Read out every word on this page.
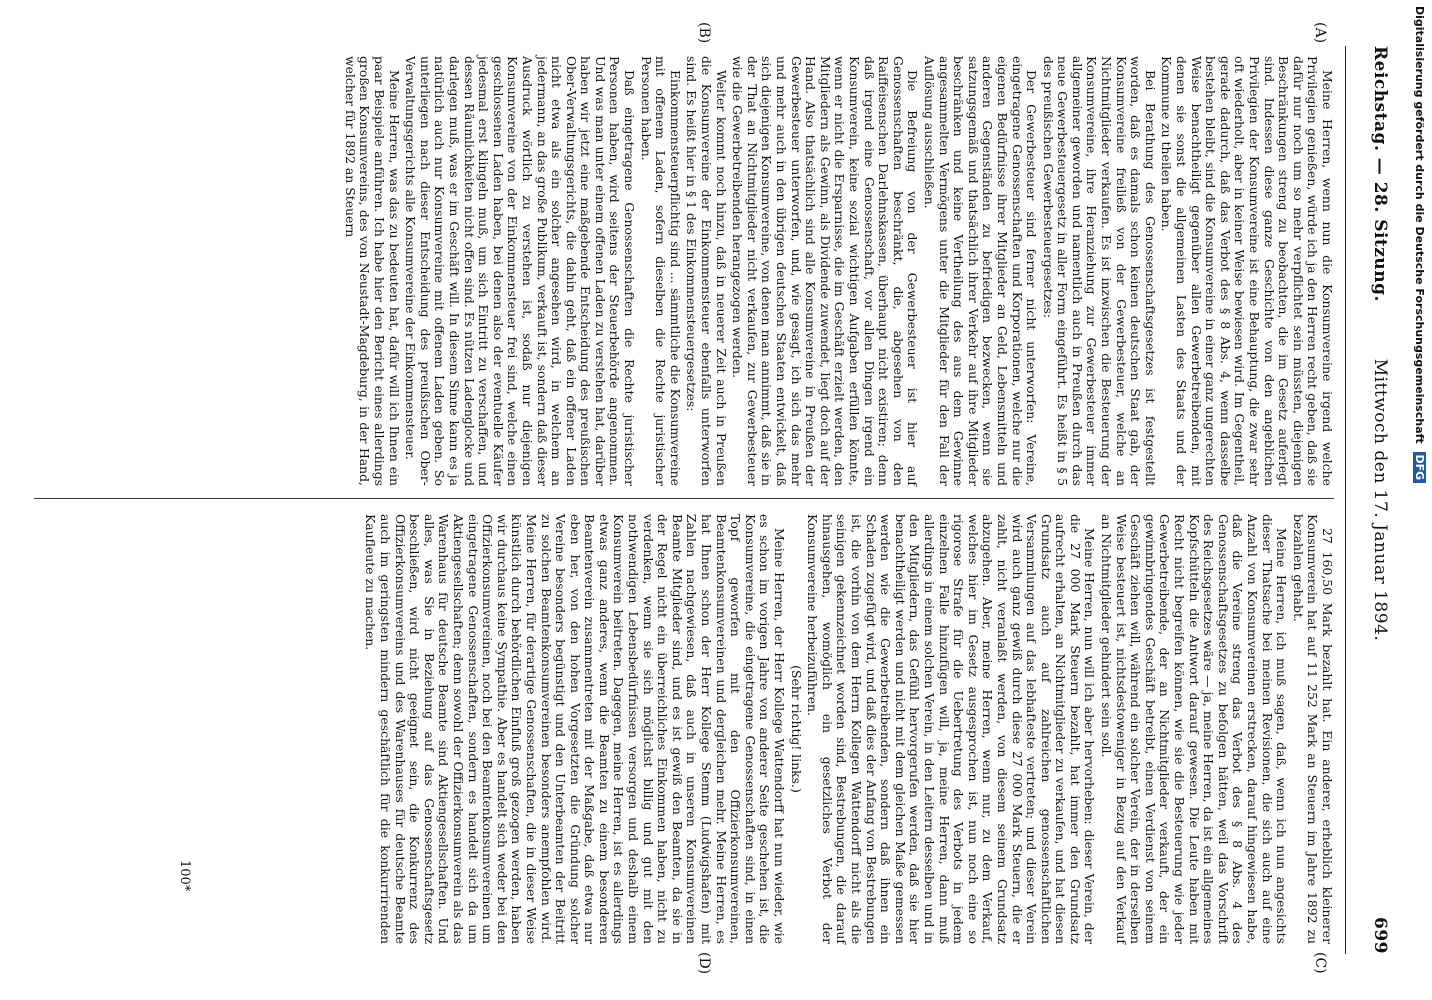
Reichstag. — 28. Sitzung.
Mittwoch den 17. Januar 1894.
699
(A)
(B)
(C)
(D)

Meine Herren, wenn nun die Konsumvereine irgend welche Privilegien genießen, würde ich ja den Herren recht geben, daß sie dafür nur noch um so mehr verpflichtet sein müssten, diejenigen Beschränkungen streng zu beobachten, die im Gesetz auferlegt sind. Indessen diese ganze Geschichte von den angeblichen Privilegien der Konsumvereine ist eine Behauptung, die zwar sehr oft wiederholt, aber in keiner Weise bewiesen wird. Im Gegentheil, gerade dadurch, daß das Verbot des § 8 Abs. 4, wenn dasselbe bestehen bleibt, sind die Konsumvereine in einer ganz ungerechten Weise benachtheiligt gegenüber allen Gewerbetreibenden, mit denen sie sonst die allgemeinen Lasten des Staats und der Kommune zu theilen haben.

Bei Berathung des Genossenschaftsgesetzes ist festgestellt worden, daß es damals schon keinen deutschen Staat gab, der Konsumvereine freiließ von der Gewerbesteuer, welche an Nichtmitglieder verkaufen. Es ist inzwischen die Besteuerung der Konsumvereine, ihre Heranziehung zur Gewerbesteuer immer allgemeiner geworden und namentlich auch in Preußen durch das neue Gewerbesteuergesetz in aller Form eingeführt. Es heißt in § 5 des preußischen Gewerbesteuergesetzes:

Der Gewerbesteuer sind ferner nicht unterworfen: Vereine, eingetragene Genossenschaften und Korporationen, welche nur die eigenen Bedürfnisse ihrer Mitglieder an Geld, Lebensmitteln und anderen Gegenständen zu befriedigen bezwecken, wenn sie satzungsgemäß und thatsächlich ihrer Verkehr auf ihre Mitglieder beschränken und keine Vertheilung des aus dem Gewinne angesammelten Vermögens unter die Mitglieder für den Fall der Auflösung ausschließen.

Die Befreiung von der Gewerbesteuer ist hier auf Genossenschaften beschränkt, die, abgesehen von den Raiffeisenschen Darlehnskassen, überhaupt nicht existiren; denn daß irgend eine Genossenschaft, vor allen Dingen irgend ein Konsumverein, keine sozial wichtigen Aufgaben erfüllen könnte, wenn er nicht die Ersparnisse, die im Geschäft erzielt werden, den Mitgliedern als Gewinn, als Dividende zuwendet, liegt doch auf der Hand. Also thatsächlich sind alle Konsumvereine in Preußen der Gewerbesteuer unterworfen, und, wie gesagt, ich sich das mehr und mehr auch in den übrigen deutschen Staaten entwickelt, daß sich diejenigen Konsumvereine, von denen man annimmt, daß sie in der That an Nichtmitglieder nicht verkaufen, zur Gewerbesteuer wie die Gewerbetreibenden herangezogen werden.

Weiter kommt noch hinzu, daß in neuerer Zeit auch in Preußen die Konsumvereine der Einkommensteuer ebenfalls unterworfen sind. Es heißt hier in § 1 des Einkommensteuergesetzes:

Einkommensteuerpflichtig sind ... sämmtliche die Konsumvereine mit offenem Laden, sofern dieselben die Rechte juristischer Personen haben.

Daß eingetragene Genossenschaften die Rechte juristischer Personen haben, wird seitens der Steuerbehörde angenommen. Und was man unter einem offenen Laden zu verstehen hat, darüber haben wir jetzt eine maßgebende Entscheidung des preußischen Ober-Verwaltungsgerichts, die dahin geht, daß ein offener Laden nicht etwa als ein solcher angesehen wird, in welchem an jedermann, an das große Publikum, verkauft ist, sondern daß dieser Ausdruck wörtlich zu verstehen ist, sodaß nur diejenigen Konsumvereine von der Einkommensteuer frei sind, welche einen geschlossenen Laden haben, bei denen also der eventuelle Käufer jedesmal erst klingeln muß, um sich Eintritt zu verschaffen, und dessen Räumlichkeiten nicht offen sind. Es nützen Ladenglocke und darlegen muß, was er im Geschäft will. In diesem Sinne kann es ja natürlich auch nur Konsumvereine mit offenem Laden geben. So unterliegen nach dieser Entscheidung des preußischen Ober-Verwaltungsgerichts alle Konsumvereine der Einkommensteuer.

Meine Herren, was das zu bedeuten hat, dafür will ich Ihnen ein paar Beispiele anführen. Ich habe hier den Bericht eines allerdings großen Konsumvereins, des von Neustadt-Magdeburg, in der Hand, welcher für 1892 an Steuern

27 160,50 Mark bezahlt hat. Ein anderer, erheblich kleinerer Konsumverein hat auf 11 252 Mark an Steuern im Jahre 1892 zu bezahlen gehabt.

Meine Herren, ich muß sagen, daß, wenn ich nun angesichts dieser Thatsache bei meinen Revisionen, die sich auch auf eine Anzahl von Konsumvereinen erstrecken, darauf hingewiesen habe, daß die Vereine streng das Verbot des § 8 Abs. 4 des Genossenschaftsgesetzes zu befolgen hätten, weil das Vorschrift des Reichsgesetzes wäre — ja, meine Herren, da ist ein allgemeines Kopfschütteln die Antwort darauf gewesen. Die Leute haben mit Recht nicht begreifen können, wie sie die Besteuerung wie jeder Gewerbetreibende, der an Nichtmitglieder verkauft, der ein gewinnbringendes Geschäft betreibt, einen Verdienst von seinem Geschäft ziehen will, während ein solcher Verein, der in derselben Weise besteuert ist, nichtsdestoweniger in Bezug auf den Verkauf an Nichtmitglieder gehindert sein soll.

Meine Herren, nun will ich aber hervorheben: dieser Verein, der die 27 000 Mark Steuern bezahlt, hat immer den Grundsatz aufrecht erhalten, an Nichtmitglieder zu verkaufen, und hat diesen Grundsatz auch auf zahlreichen genossenschaftlichen Versammlungen auf das lebhafteste vertreten; und dieser Verein wird auch ganz gewiß durch diese 27 000 Mark Steuern, die er zahlt, nicht veranlaßt werden, von diesem seinem Grundsatz abzugehen. Aber, meine Herren, wenn nur, zu dem Verkauf, welches hier im Gesetz ausgesprochen ist, nun noch eine so rigorose Strafe für die Uebertretung des Verbots in jedem einzelnen Falle hinzufügen will, ja, meine Herren, dann muß allerdings in einem solchen Verein, in den Leitern desselben und in den Mitgliedern, das Gefühl hervorgerufen werden, daß sie hier benachtheiligt werden und nicht mit dem gleichen Maße gemessen werden wie die Gewerbetreibenden, sondern daß ihnen ein Schaden zugefügt wird, und daß dies der Anfang von Bestrebungen ist, die vorhin von dem Herrn Kollegen Wattendorff nicht als die seinigen gekennzeichnet worden sind, Bestrebungen, die darauf hinausgehen, womöglich ein gesetzliches Verbot der Konsumvereine herbeizuführen.

(Sehr richtig! links.)

Meine Herren, der Herr Kollege Wattendorff hat nun wieder, wie es schon im vorigen Jahre von anderer Seite geschehen ist, die Konsumvereine, die eingetragene Genossenschaften sind, in einen Topf geworfen mit den Offizierkonsumvereinen, Beamtenkonsumvereinen und dergleichen mehr. Meine Herren, es hat Ihnen schon der Herr Kollege Stemm (Ludwigshafen) mit Zahlen nachgewiesen, daß auch in unseren Konsumvereinen Beamte Mitglieder sind, und es ist gewiß den Beamten, da sie in der Regel nicht ein überreichliches Einkommen haben, nicht zu verdenken, wenn sie sich möglichst billig und gut mit den nothwendigen Lebensbedürfnissen versorgen und deshalb einem Konsumverein beitreten. Dagegen, meine Herren, ist es allerdings etwas ganz anderes, wenn die Beamten zu einem besonderen Beamtenverein zusammentreten mit der Maßgabe, daß etwa nur eben her, von den hohen Vorgesetzten die Gründung solcher Vereine besonders begünstigt und den Unterbeamten der Beitritt zu solchen Beamtenkonsumvereinen besonders anempfohlen wird. Meine Herren, für derartige Genossenschaften, die in dieser Weise künstlich durch behördlichen Einfluß groß gezogen werden, haben wir durchaus keine Sympathie. Aber es handelt sich weder bei den Offizierkonsumvereinen, noch bei den Beamtenkonsumvereinen um eingetragene Genossenschaften, sondern es handelt sich da um Aktiengesellschaften; denn sowohl der Offizierkonsumverein als das Warenhaus für deutsche Beamte sind Aktiengesellschaften. Und alles, was Sie in Beziehung auf das Genossenschaftsgesetz beschließen, wird nicht geeignet sein, die Konkurrenz des Offizierkonsumvereins und des Warenhauses für deutsche Beamte auch im geringsten mindern geschäftlich für die konkurrirenden Kaufleute zu machen.

100*
Digitalisierung gefördert durch die Deutsche Forschungsgemeinschaft DFG
